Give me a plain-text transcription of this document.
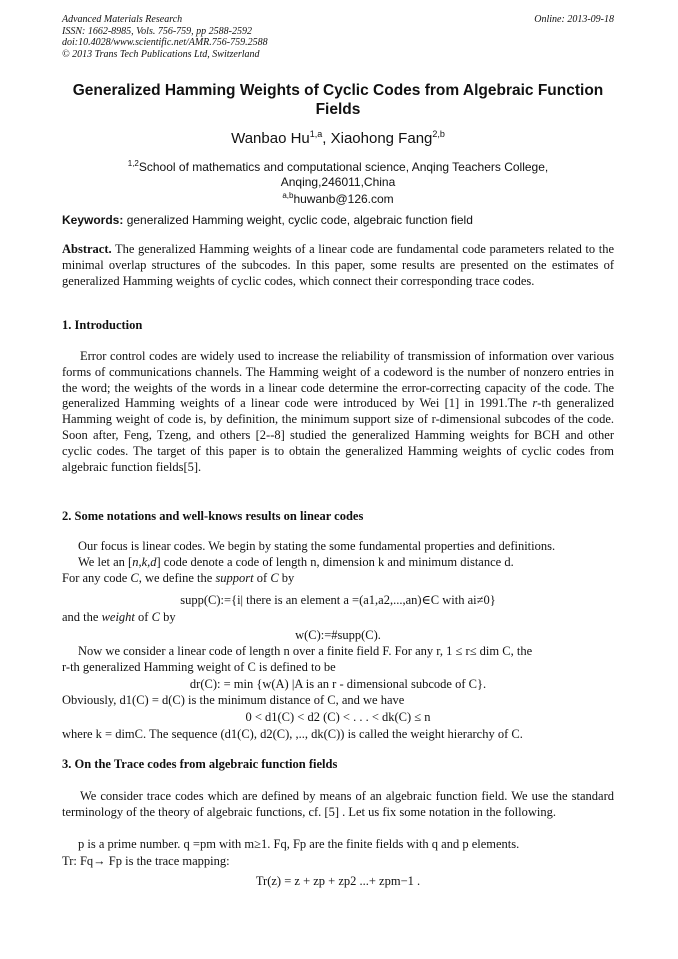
Advanced Materials Research
ISSN: 1662-8985, Vols. 756-759, pp 2588-2592
doi:10.4028/www.scientific.net/AMR.756-759.2588
© 2013 Trans Tech Publications Ltd, Switzerland
Online: 2013-09-18
Generalized Hamming Weights of Cyclic Codes from Algebraic Function Fields
Wanbao Hu$^{1,a}$, Xiaohong Fang$^{2,b}$
$^{1,2}$School of mathematics and computational science, Anqing Teachers College,
Anqing,246011,China
$^{a,b}$huwanb@126.com
Keywords: generalized Hamming weight, cyclic code, algebraic function field
Abstract. The generalized Hamming weights of a linear code are fundamental code parameters related to the minimal overlap structures of the subcodes. In this paper, some results are presented on the estimates of generalized Hamming weights of cyclic codes, which connect their corresponding trace codes.
1. Introduction
Error control codes are widely used to increase the reliability of transmission of information over various forms of communications channels. The Hamming weight of a codeword is the number of nonzero entries in the word; the weights of the words in a linear code determine the error-correcting capacity of the code. The generalized Hamming weights of a linear code were introduced by Wei [1] in 1991.The r-th generalized Hamming weight of code is, by definition, the minimum support size of r-dimensional subcodes of the code. Soon after, Feng, Tzeng, and others [2--8] studied the generalized Hamming weights for BCH and other cyclic codes. The target of this paper is to obtain the generalized Hamming weights of cyclic codes from algebraic function fields[5].
2. Some notations and well-knows results on linear codes
Our focus is linear codes. We begin by stating the some fundamental properties and definitions.
We let an [n,k,d] code denote a code of length n, dimension k and minimum distance d.
For any code C, we define the support of C by
supp(C):={i| there is an element a =(a1,a2,...,an)∈C with ai≠0}
and the weight of C by
w(C):=#supp(C).
Now we consider a linear code of length n over a finite field F. For any r, 1 ≤ r≤ dim C, the
r-th generalized Hamming weight of C is defined to be
dr(C): = min {w(A) |A is an r - dimensional subcode of C}.
Obviously, d1(C) = d(C) is the minimum distance of C, and we have
0 < d1(C) < d2 (C) < . . . < dk(C) ≤ n
where k = dimC. The sequence (d1(C), d2(C), ,.., dk(C)) is called the weight hierarchy of C.
3. On the Trace codes from algebraic function fields
We consider trace codes which are defined by means of an algebraic function field. We use the standard terminology of the theory of algebraic functions, cf. [5] . Let us fix some notation in the following.
p is a prime number. q =pm with m≥1. Fq, Fp are the finite fields with q and p elements.
Tr: Fq→ Fp is the trace mapping:
Tr(z) = z + zp + zp2 ...+ zpm−1 .
